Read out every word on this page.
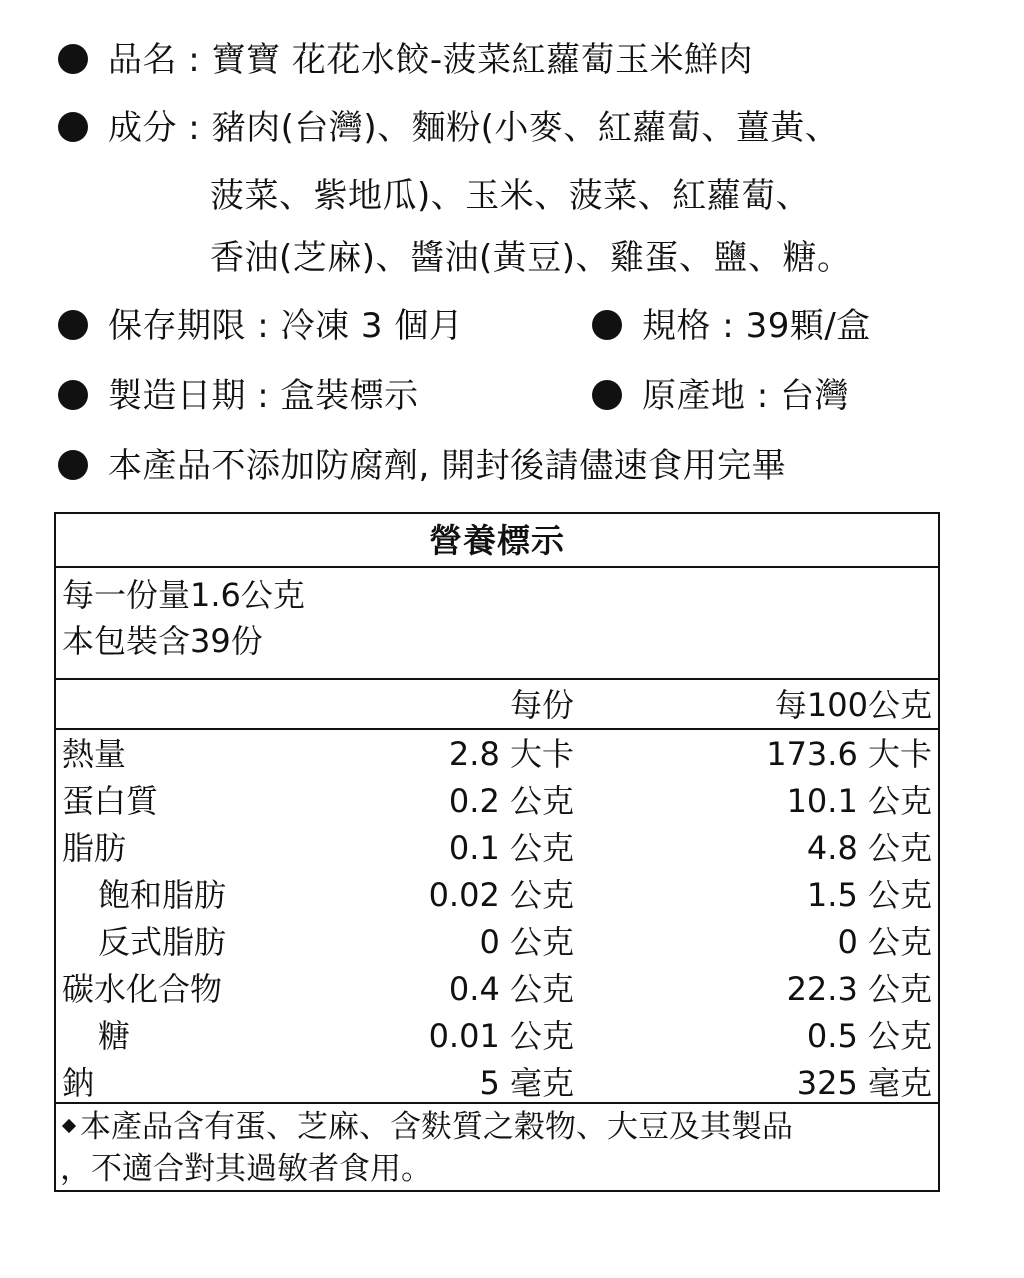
品名 : 寶寶 花花水餃-菠菜紅蘿蔔玉米鮮肉
成分 : 豬肉(台灣)、麵粉(小麥、紅蘿蔔、薑黃、
菠菜、紫地瓜)、玉米、菠菜、紅蘿蔔、
香油(芝麻)、醬油(黃豆)、雞蛋、鹽、糖。
保存期限 : 冷凍 3 個月	規格 : 39顆/盒
製造日期 : 盒裝標示	原產地 : 台灣
本產品不添加防腐劑, 開封後請儘速食用完畢
營養標示
每一份量1.6公克
本包裝含39份
每份	每100公克
熱量	2.8 大卡	173.6 大卡
蛋白質	0.2 公克	10.1 公克
脂肪	0.1 公克	4.8 公克
飽和脂肪	0.02 公克	1.5 公克
反式脂肪	0 公克	0 公克
碳水化合物	0.4 公克	22.3 公克
糖	0.01 公克	0.5 公克
鈉	5 毫克	325 毫克
本產品含有蛋、芝麻、含麩質之穀物、大豆及其製品
，不適合對其過敏者食用。
